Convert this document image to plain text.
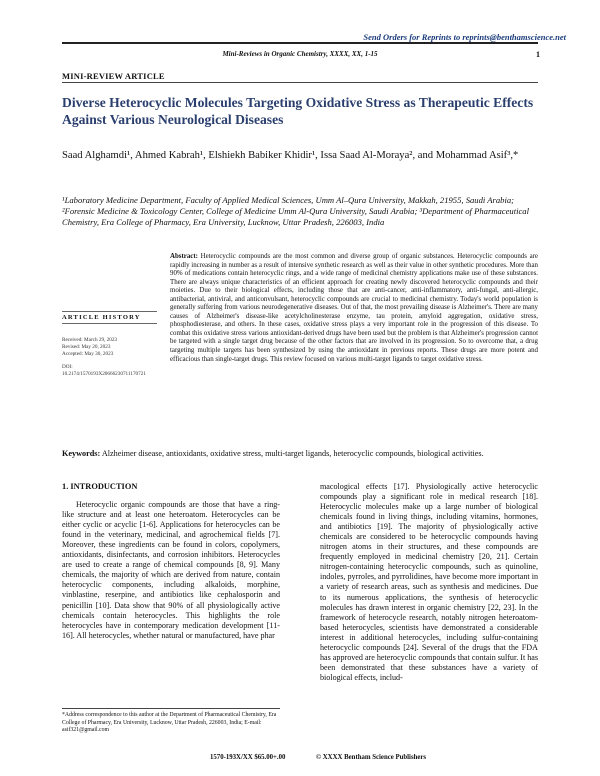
Send Orders for Reprints to reprints@benthamscience.net
Mini-Reviews in Organic Chemistry, XXXX, XX, 1-15	1
MINI-REVIEW ARTICLE
Diverse Heterocyclic Molecules Targeting Oxidative Stress as Therapeutic Effects Against Various Neurological Diseases
Saad Alghamdi¹, Ahmed Kabrah¹, Elshiekh Babiker Khidir¹, Issa Saad Al-Moraya², and Mohammad Asif³,*
¹Laboratory Medicine Department, Faculty of Applied Medical Sciences, Umm Al–Qura University, Makkah, 21955, Saudi Arabia; ²Forensic Medicine & Toxicology Center, College of Medicine Umm Al-Qura University, Saudi Arabia; ³Department of Pharmaceutical Chemistry, Era College of Pharmacy, Era University, Lucknow, Uttar Pradesh, 226003, India
ARTICLE HISTORY
Received: March 29, 2023
Revised: May 20, 2023
Accepted: May 30, 2023
DOI:
10.2174/1570193X20666230711170721
Abstract: Heterocyclic compounds are the most common and diverse group of organic substances. Heterocyclic compounds are rapidly increasing in number as a result of intensive synthetic research as well as their value in other synthetic procedures. More than 90% of medications contain heterocyclic rings, and a wide range of medicinal chemistry applications make use of these substances. There are always unique characteristics of an efficient approach for creating newly discovered heterocyclic compounds and their moieties. Due to their biological effects, including those that are anti-cancer, anti-inflammatory, anti-fungal, anti-allergic, antibacterial, antiviral, and anticonvulsant, heterocyclic compounds are crucial to medicinal chemistry. Today's world population is generally suffering from various neurodegenerative diseases. Out of that, the most prevailing disease is Alzheimer's. There are many causes of Alzheimer's disease-like acetylcholinesterase enzyme, tau protein, amyloid aggregation, oxidative stress, phosphodiesterase, and others. In these cases, oxidative stress plays a very important role in the progression of this disease. To combat this oxidative stress various antioxidant-derived drugs have been used but the problem is that Alzheimer's progression cannot be targeted with a single target drug because of the other factors that are involved in its progression. So to overcome that, a drug targeting multiple targets has been synthesized by using the antioxidant in previous reports. These drugs are more potent and efficacious than single-target drugs. This review focused on various multi-target ligands to target oxidative stress.
Keywords: Alzheimer disease, antioxidants, oxidative stress, multi-target ligands, heterocyclic compounds, biological activities.
1. INTRODUCTION
Heterocyclic organic compounds are those that have a ring-like structure and at least one heteroatom. Heterocycles can be either cyclic or acyclic [1-6]. Applications for heterocycles can be found in the veterinary, medicinal, and agrochemical fields [7]. Moreover, these ingredients can be found in colors, copolymers, antioxidants, disinfectants, and corrosion inhibitors. Heterocycles are used to create a range of chemical compounds [8, 9]. Many chemicals, the majority of which are derived from nature, contain heterocyclic components, including alkaloids, morphine, vinblastine, reserpine, and antibiotics like cephalosporin and penicillin [10]. Data show that 90% of all physiologically active chemicals contain heterocycles. This highlights the role heterocycles have in contemporary medication development [11-16]. All heterocycles, whether natural or manufactured, have phar
macological effects [17]. Physiologically active heterocyclic compounds play a significant role in medical research [18]. Heterocyclic molecules make up a large number of biological chemicals found in living things, including vitamins, hormones, and antibiotics [19]. The majority of physiologically active chemicals are considered to be heterocyclic compounds having nitrogen atoms in their structures, and these compounds are frequently employed in medicinal chemistry [20, 21]. Certain nitrogen-containing heterocyclic compounds, such as quinoline, indoles, pyrroles, and pyrrolidines, have become more important in a variety of research areas, such as synthesis and medicines. Due to its numerous applications, the synthesis of heterocyclic molecules has drawn interest in organic chemistry [22, 23]. In the framework of heterocycle research, notably nitrogen heteroatom-based heterocycles, scientists have demonstrated a considerable interest in additional heterocycles, including sulfur-containing heterocyclic compounds [24]. Several of the drugs that the FDA has approved are heterocyclic compounds that contain sulfur. It has been demonstrated that these substances have a variety of biological effects, includ-
*Address correspondence to this author at the Department of Pharmaceutical Chemistry, Era College of Pharmacy, Era University, Lucknow, Uttar Pradesh, 226003, India; E-mail: asif321@gmail.com
1570-193X/XX $65.00+.00	© XXXX Bentham Science Publishers
